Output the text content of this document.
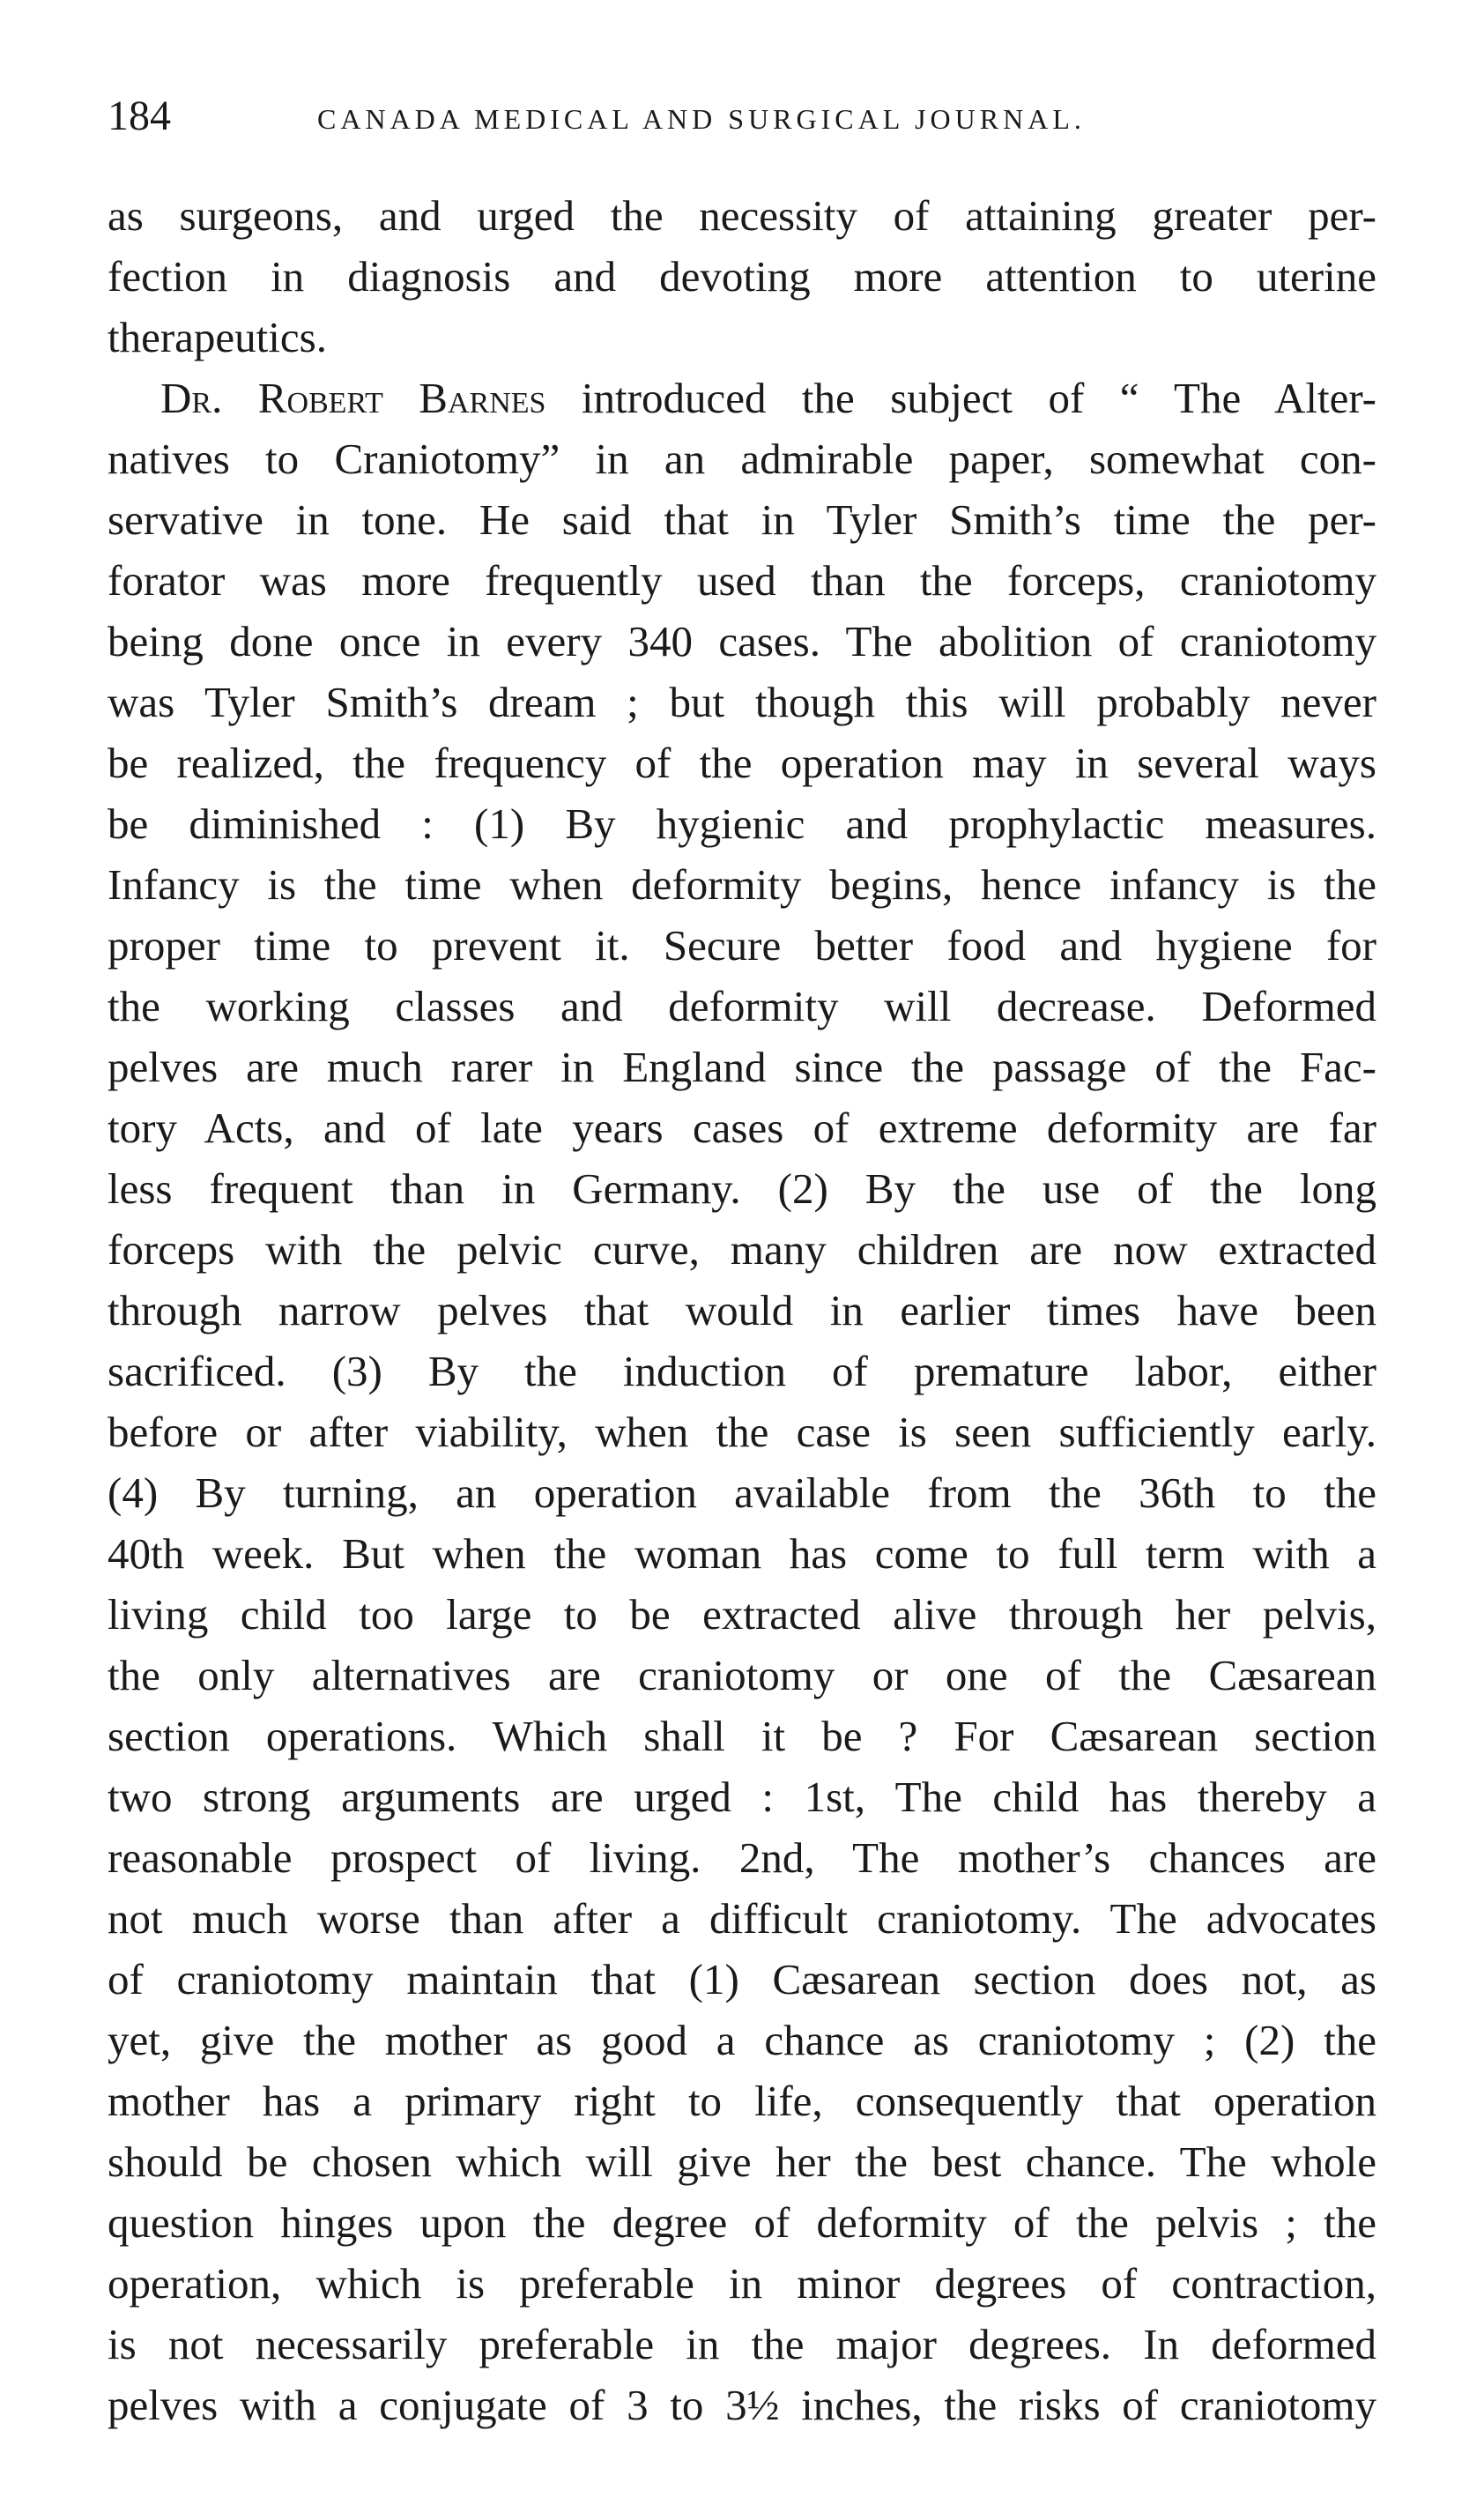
184	CANADA MEDICAL AND SURGICAL JOURNAL.
as surgeons, and urged the necessity of attaining greater per-
fection in diagnosis and devoting more attention to uterine
therapeutics.
Dr. Robert Barnes introduced the subject of “ The Alter-
natives to Craniotomy” in an admirable paper, somewhat con-
servative in tone. He said that in Tyler Smith’s time the per-
forator was more frequently used than the forceps, craniotomy
being done once in every 340 cases. The abolition of craniotomy
was Tyler Smith’s dream ; but though this will probably never
be realized, the frequency of the operation may in several ways
be diminished : (1) By hygienic and prophylactic measures.
Infancy is the time when deformity begins, hence infancy is the
proper time to prevent it. Secure better food and hygiene for
the working classes and deformity will decrease. Deformed
pelves are much rarer in England since the passage of the Fac-
tory Acts, and of late years cases of extreme deformity are far
less frequent than in Germany. (2) By the use of the long
forceps with the pelvic curve, many children are now extracted
through narrow pelves that would in earlier times have been
sacrificed. (3) By the induction of premature labor, either
before or after viability, when the case is seen sufficiently early.
(4) By turning, an operation available from the 36th to the
40th week. But when the woman has come to full term with a
living child too large to be extracted alive through her pelvis,
the only alternatives are craniotomy or one of the Cæsarean
section operations. Which shall it be ? For Cæsarean section
two strong arguments are urged : 1st, The child has thereby a
reasonable prospect of living. 2nd, The mother’s chances are
not much worse than after a difficult craniotomy. The advocates
of craniotomy maintain that (1) Cæsarean section does not, as
yet, give the mother as good a chance as craniotomy ; (2) the
mother has a primary right to life, consequently that operation
should be chosen which will give her the best chance. The whole
question hinges upon the degree of deformity of the pelvis ; the
operation, which is preferable in minor degrees of contraction,
is not necessarily preferable in the major degrees. In deformed
pelves with a conjugate of 3 to 3½ inches, the risks of craniotomy
